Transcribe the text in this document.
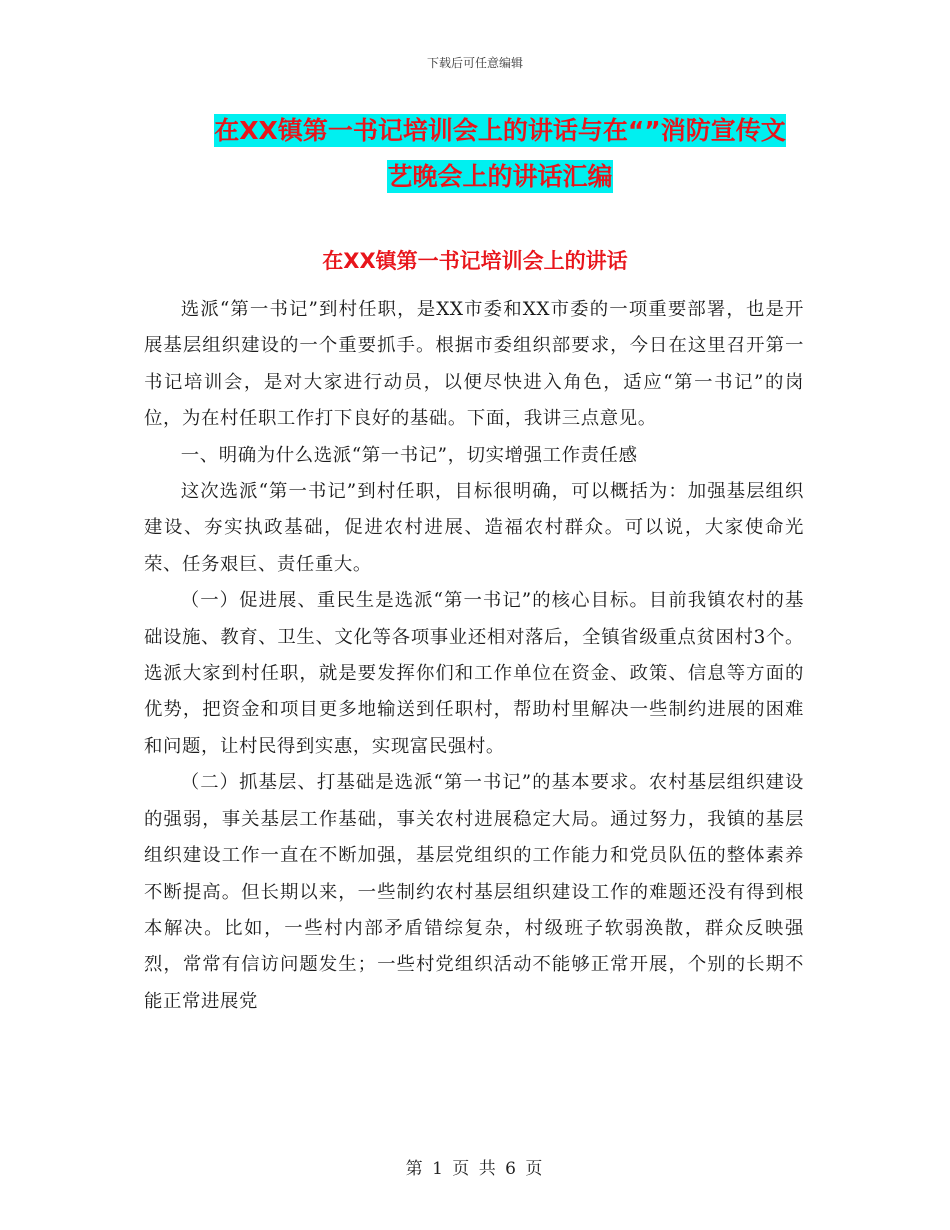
下载后可任意编辑
在XX镇第一书记培训会上的讲话与在“”消防宣传文
艺晚会上的讲话汇编
在XX镇第一书记培训会上的讲话

选派“第一书记”到村任职，是XX市委和XX市委的一项重要部署，也是开展基层组织建设的一个重要抓手。根据市委组织部要求，今日在这里召开第一书记培训会，是对大家进行动员，以便尽快进入角色，适应“第一书记”的岗位，为在村任职工作打下良好的基础。下面，我讲三点意见。

一、明确为什么选派“第一书记”，切实增强工作责任感

这次选派“第一书记”到村任职，目标很明确，可以概括为：加强基层组织建设、夯实执政基础，促进农村进展、造福农村群众。可以说，大家使命光荣、任务艰巨、责任重大。

（一）促进展、重民生是选派“第一书记”的核心目标。目前我镇农村的基础设施、教育、卫生、文化等各项事业还相对落后，全镇省级重点贫困村3个。选派大家到村任职，就是要发挥你们和工作单位在资金、政策、信息等方面的优势，把资金和项目更多地输送到任职村，帮助村里解决一些制约进展的困难和问题，让村民得到实惠，实现富民强村。

（二）抓基层、打基础是选派“第一书记”的基本要求。农村基层组织建设的强弱，事关基层工作基础，事关农村进展稳定大局。通过努力，我镇的基层组织建设工作一直在不断加强，基层党组织的工作能力和党员队伍的整体素养不断提高。但长期以来，一些制约农村基层组织建设工作的难题还没有得到根本解决。比如，一些村内部矛盾错综复杂，村级班子软弱涣散，群众反映强烈，常常有信访问题发生；一些村党组织活动不能够正常开展，个别的长期不能正常进展党

第 1 页 共 6 页
